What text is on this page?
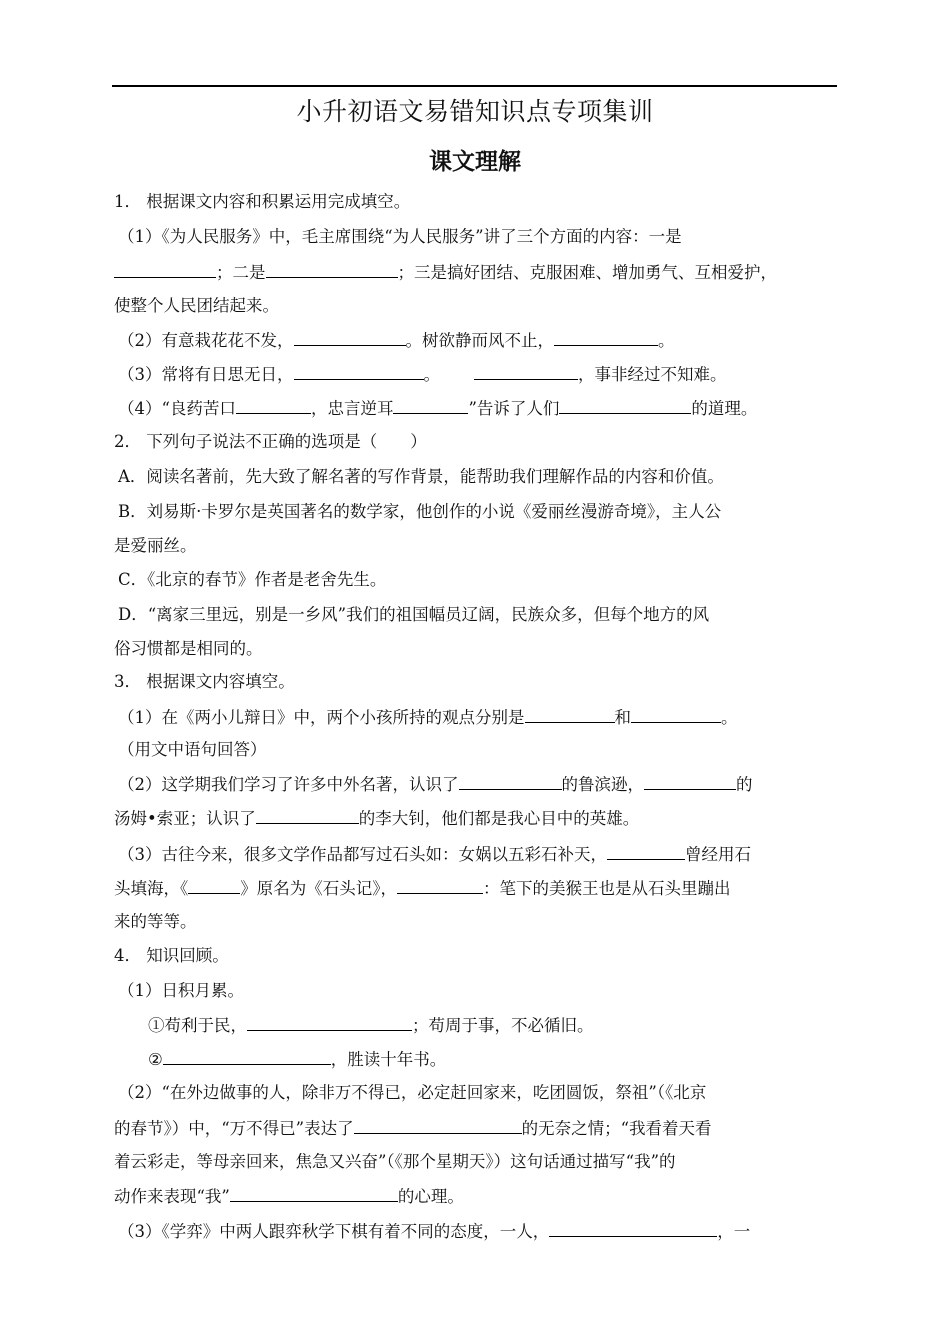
小升初语文易错知识点专项集训
课文理解
1． 根据课文内容和积累运用完成填空。
（1）《为人民服务》中，毛主席围绕“为人民服务”讲了三个方面的内容：一是
；二是	；三是搞好团结、克服困难、增加勇气、互相爱护，
使整个人民团结起来。
（2）有意栽花花不发，	。树欲静而风不止，	。
（3）常将有日思无日，	。	，事非经过不知难。
（4）“良药苦口	，忠言逆耳	”告诉了人们	的道理。
2． 下列句子说法不正确的选项是（　　）
A．阅读名著前，先大致了解名著的写作背景，能帮助我们理解作品的内容和价值。
B．刘易斯·卡罗尔是英国著名的数学家，他创作的小说《爱丽丝漫游奇境》，主人公
是爱丽丝。
C．《北京的春节》作者是老舍先生。
D．“离家三里远，别是一乡风”我们的祖国幅员辽阔，民族众多，但每个地方的风
俗习惯都是相同的。
3． 根据课文内容填空。
（1）在《两小儿辩日》中，两个小孩所持的观点分别是	和	。
（用文中语句回答）
（2）这学期我们学习了许多中外名著，认识了	的鲁滨逊，	的
汤姆•索亚；认识了	的李大钊，他们都是我心目中的英雄。
（3）古往今来，很多文学作品都写过石头如：女娲以五彩石补天，	曾经用石
头填海，《	》原名为《石头记》，	：笔下的美猴王也是从石头里蹦出
来的等等。
4． 知识回顾。
（1）日积月累。
①苟利于民，	；苟周于事，不必循旧。
②	，胜读十年书。
（2）“在外边做事的人，除非万不得已，必定赶回家来，吃团圆饭，祭祖”（《北京
的春节》）中，“万不得已”表达了	的无奈之情；“我看着天看
着云彩走，等母亲回来，焦急又兴奋”（《那个星期天》）这句话通过描写“我”的
动作来表现“我”	的心理。
（3）《学弈》中两人跟弈秋学下棋有着不同的态度，一人，	，一
